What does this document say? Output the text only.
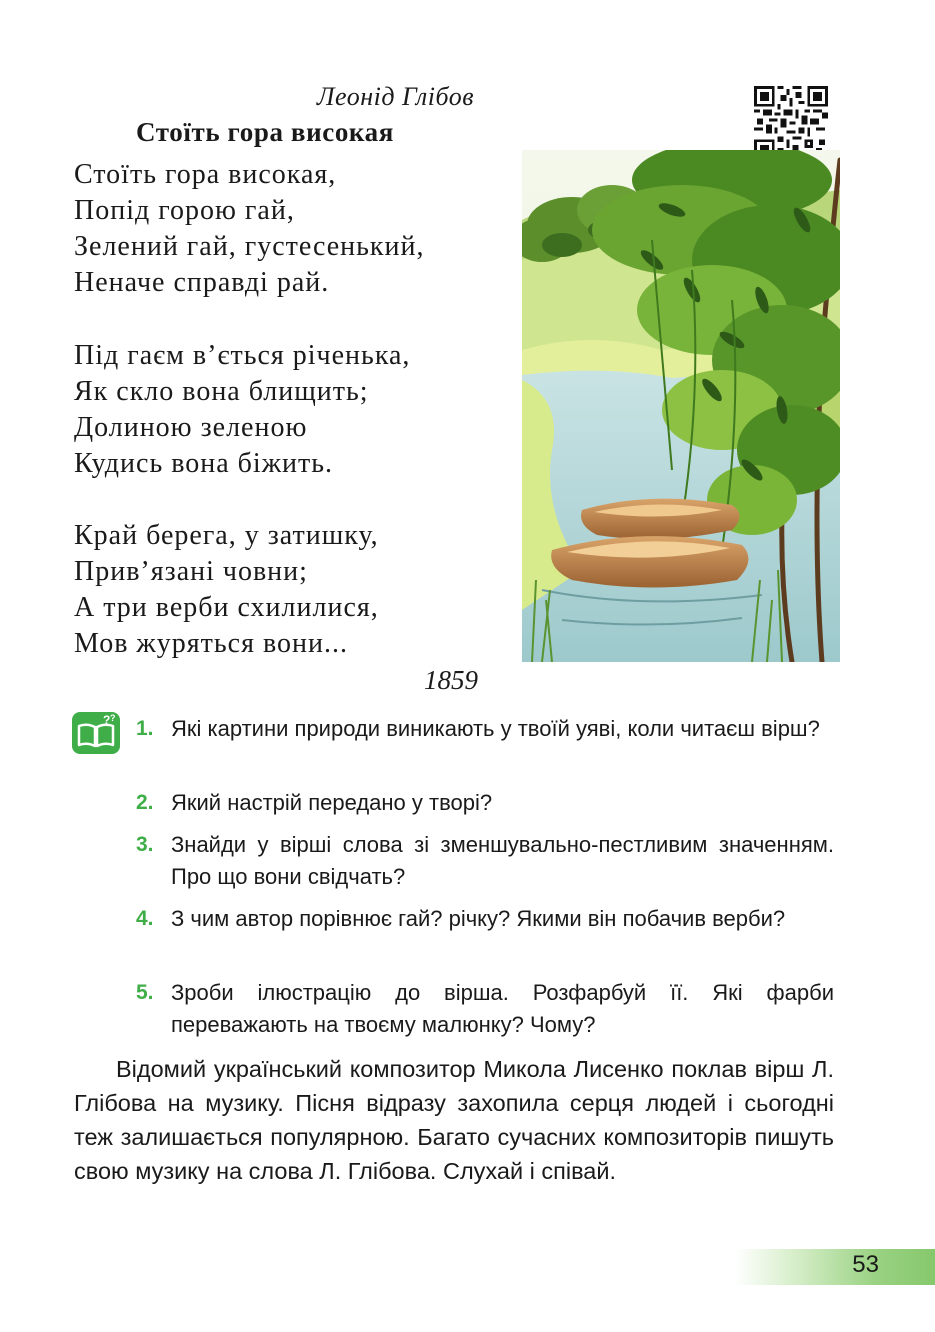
Леонід Глібов
Стоїть гора високая
Стоїть гора високая,
Попід горою гай,
Зелений гай, густесенький,
Неначе справді рай.
Під гаєм в’ється річенька,
Як скло вона блищить;
Долиною зеленою
Кудись вона біжить.
Край берега, у затишку,
Прив’язані човни;
А три верби схилилися,
Мов журяться вони...
1859
? ? 1. Які картини природи виникають у твоїй уяві, коли читаєш вірш?
2. Який настрій передано у творі?
3. Знайди у вірші слова зі зменшувально-пестливим значенням. Про що вони свідчать?
4. З чим автор порівнює гай? річку? Якими він побачив верби?
5. Зроби ілюстрацію до вірша. Розфарбуй її. Які фарби переважають на твоєму малюнку? Чому?
Відомий український композитор Микола Лисенко поклав вірш Л. Глібова на музику. Пісня відразу захопила серця людей і сьогодні теж залишається популярною. Багато сучасних композиторів пишуть свою музику на слова Л. Глібова. Слухай і співай.
53
